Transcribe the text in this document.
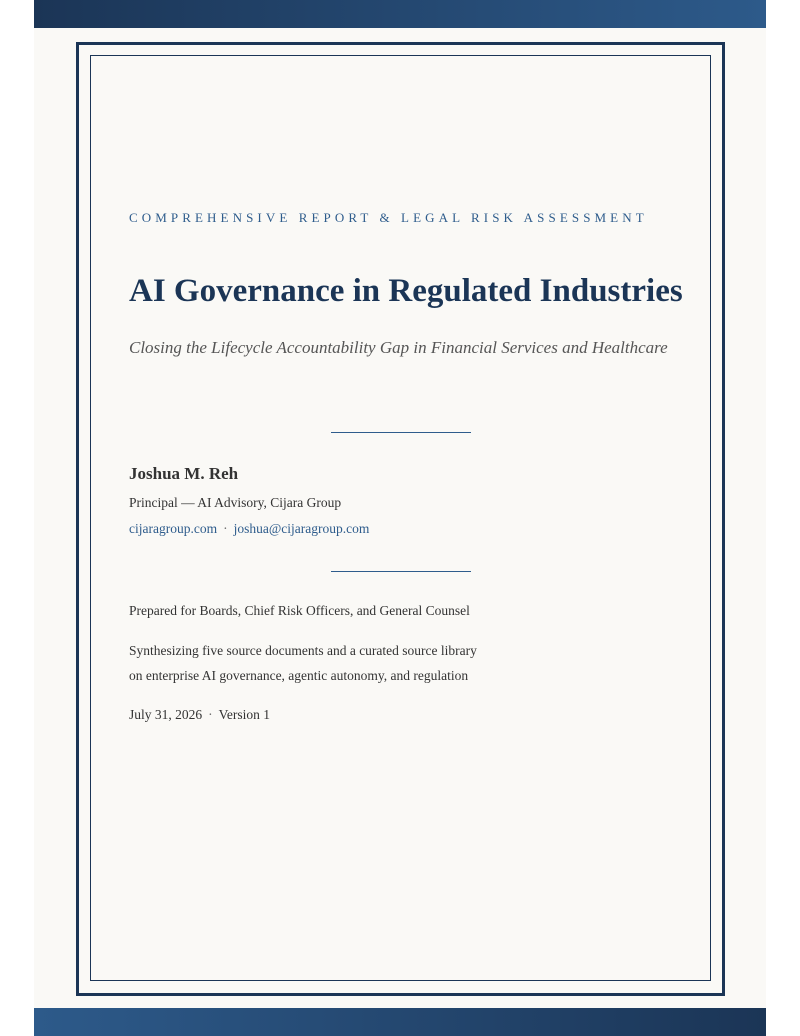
COMPREHENSIVE REPORT & LEGAL RISK ASSESSMENT
AI Governance in Regulated Industries
Closing the Lifecycle Accountability Gap in Financial Services and Healthcare
Joshua M. Reh
Principal — AI Advisory, Cijara Group
cijaragroup.com · joshua@cijaragroup.com
Prepared for Boards, Chief Risk Officers, and General Counsel
Synthesizing five source documents and a curated source library
on enterprise AI governance, agentic autonomy, and regulation
July 31, 2026 · Version 1
